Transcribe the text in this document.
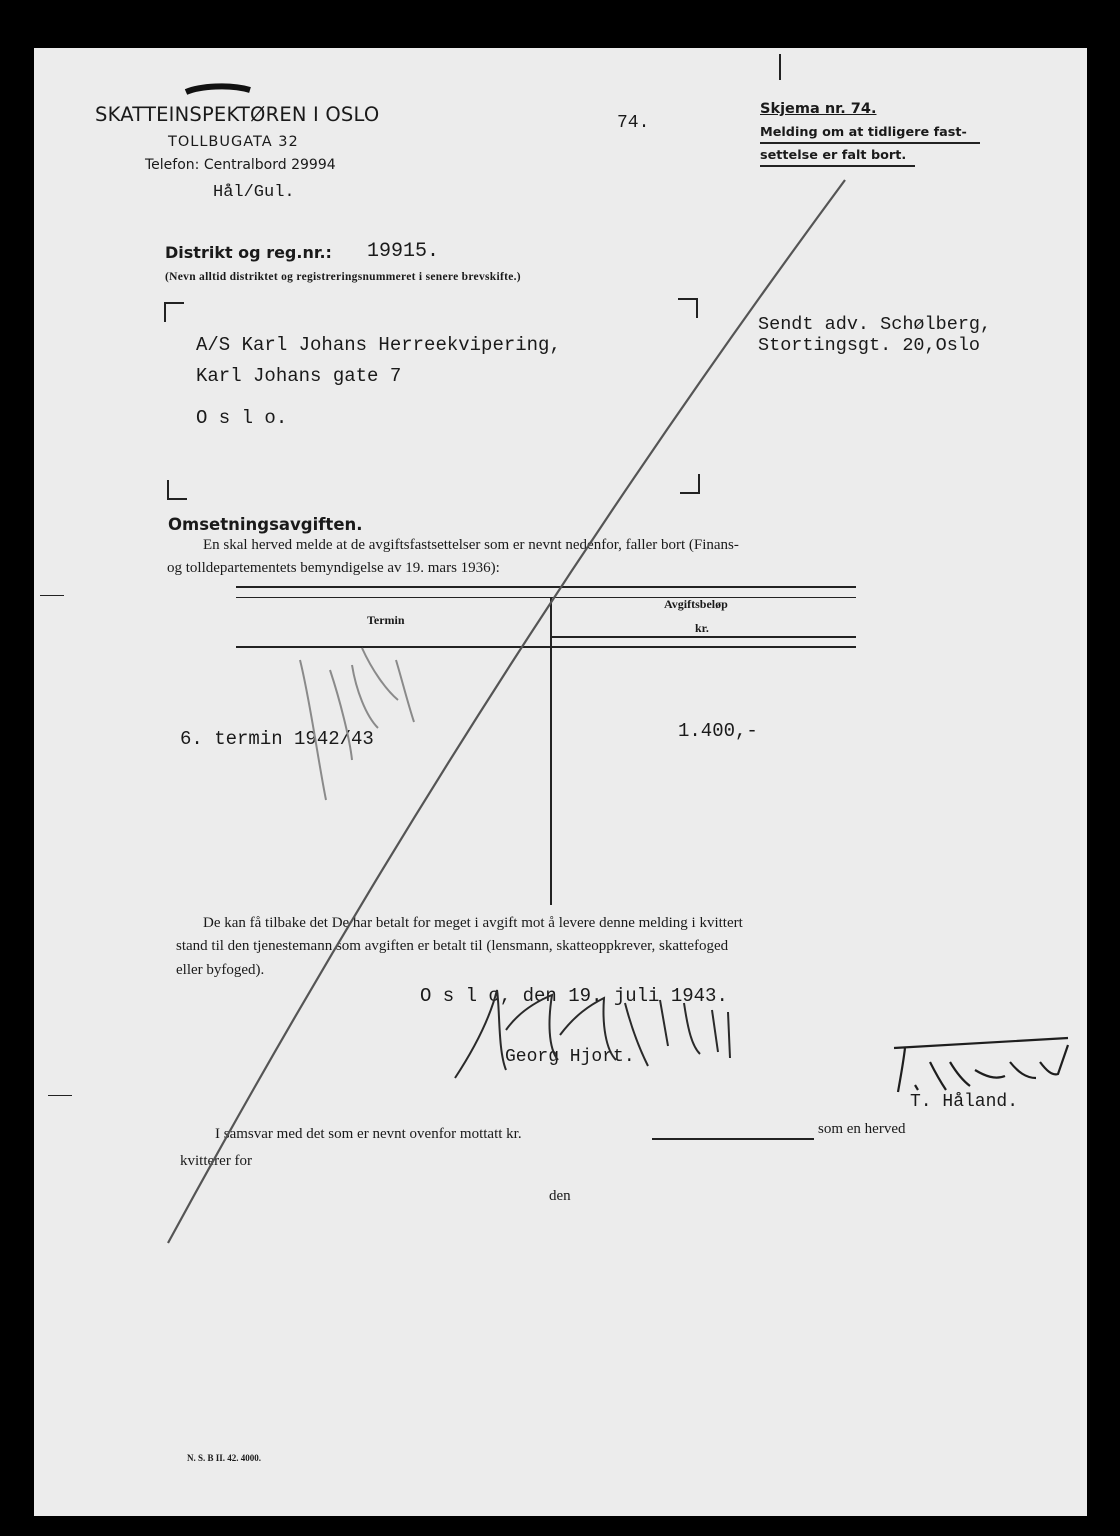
SKATTEINSPEKTØREN I OSLO
TOLLBUGATA 32
Telefon: Centralbord 29994
Hål/Gul.
74.
Skjema nr. 74.
Melding om at tidligere fast-
settelse er falt bort.
Distrikt og reg.nr.: 19915.
(Nevn alltid distriktet og registreringsnummeret i senere brevskifte.)
A/S Karl Johans Herreekvipering,
Karl Johans gate 7
O s l o.
Sendt adv. Schølberg,
Stortingsgt. 20,Oslo
Omsetningsavgiften.
En skal herved melde at de avgiftsfastsettelser som er nevnt nedenfor, faller bort (Finans-
og tolldepartementets bemyndigelse av 19. mars 1936):
Termin
Avgiftsbeløp
kr.
6. termin 1942/43	1.400,-
De kan få tilbake det De har betalt for meget i avgift mot å levere denne melding i kvittert
stand til den tjenestemann som avgiften er betalt til (lensmann, skatteoppkrever, skattefoged
eller byfoged).
O s l o, den 19. juli 1943.
Georg Hjort.
T. Håland.
I samsvar med det som er nevnt ovenfor mottatt kr.	som en herved
kvitterer for
den
N. S. B II. 42. 4000.
